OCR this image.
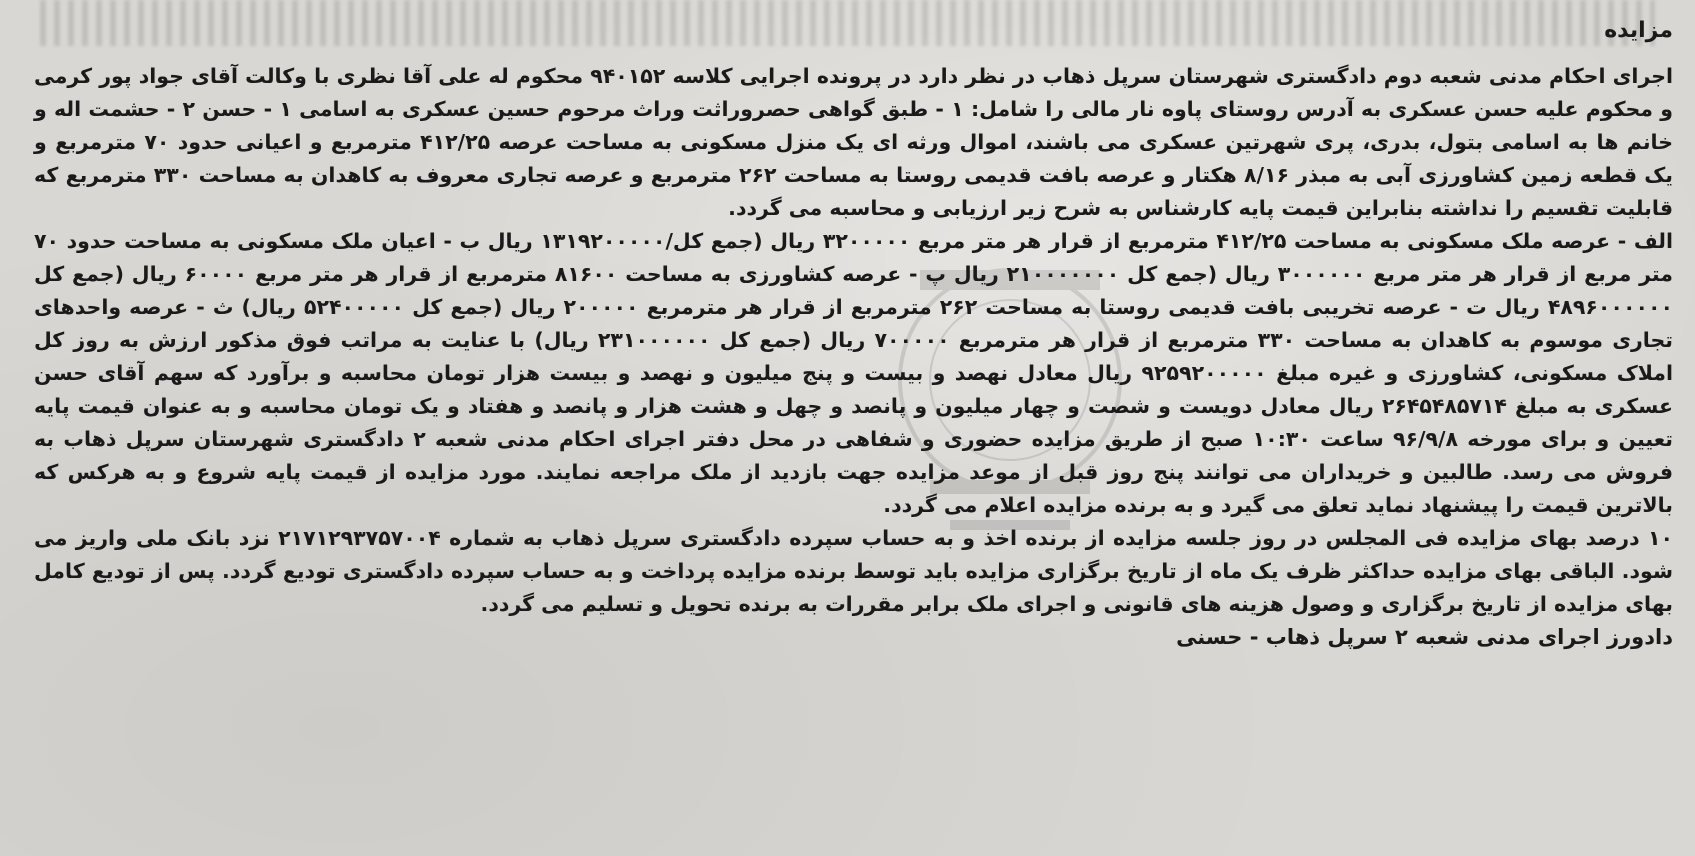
مزایده

اجرای احکام مدنی شعبه دوم دادگستری شهرستان سرپل ذهاب در نظر دارد در پرونده اجرایی کلاسه ۹۴۰۱۵۲ محکوم له علی آقا نظری با وکالت آقای جواد پور کرمی و محکوم علیه حسن عسکری به آدرس روستای پاوه نار مالی را شامل: ۱ - طبق گواهی حصروراثت وراث مرحوم حسین عسکری به اسامی ۱ - حسن ۲ - حشمت اله و خانم ها به اسامی بتول، بدری، پری شهرتین عسکری می باشند، اموال ورثه ای یک منزل مسکونی به مساحت عرصه ۴۱۲/۲۵ مترمربع و اعیانی حدود ۷۰ مترمربع و یک قطعه زمین کشاورزی آبی به مبذر ۸/۱۶ هکتار و عرصه بافت قدیمی روستا به مساحت ۲۶۲ مترمربع و عرصه تجاری معروف به کاهدان به مساحت ۳۳۰ مترمربع که قابلیت تقسیم را نداشته بنابراین قیمت پایه کارشناس به شرح زیر ارزیابی و محاسبه می گردد.

الف - عرصه ملک مسکونی به مساحت ۴۱۲/۲۵ مترمربع از قرار هر متر مربع ۳۲۰۰۰۰۰ ریال (جمع کل/۱۳۱۹۲۰۰۰۰۰ ریال ب - اعیان ملک مسکونی به مساحت حدود ۷۰ متر مربع از قرار هر متر مربع ۳۰۰۰۰۰۰ ریال (جمع کل ۲۱۰۰۰۰۰۰۰ ریال پ - عرصه کشاورزی به مساحت ۸۱۶۰۰ مترمربع از قرار هر متر مربع ۶۰۰۰۰ ریال (جمع کل ۴۸۹۶۰۰۰۰۰۰ ریال ت - عرصه تخریبی بافت قدیمی روستا به مساحت ۲۶۲ مترمربع از قرار هر مترمربع ۲۰۰۰۰۰ ریال (جمع کل ۵۲۴۰۰۰۰۰ ریال) ث - عرصه واحدهای تجاری موسوم به کاهدان به مساحت ۳۳۰ مترمربع از قرار هر مترمربع ۷۰۰۰۰۰ ریال (جمع کل ۲۳۱۰۰۰۰۰۰ ریال) با عنایت به مراتب فوق مذکور ارزش به روز کل املاک مسکونی، کشاورزی و غیره مبلغ ۹۲۵۹۲۰۰۰۰۰ ریال معادل نهصد و بیست و پنج میلیون و نهصد و بیست هزار تومان محاسبه و برآورد که سهم آقای حسن عسکری به مبلغ ۲۶۴۵۴۸۵۷۱۴ ریال معادل دویست و شصت و چهار میلیون و پانصد و چهل و هشت هزار و پانصد و هفتاد و یک تومان محاسبه و به عنوان قیمت پایه تعیین و برای مورخه ۹۶/۹/۸ ساعت ۱۰:۳۰ صبح از طریق مزایده حضوری و شفاهی در محل دفتر اجرای احکام مدنی شعبه ۲ دادگستری شهرستان سرپل ذهاب به فروش می رسد. طالبین و خریداران می توانند پنج روز قبل از موعد مزایده جهت بازدید از ملک مراجعه نمایند. مورد مزایده از قیمت پایه شروع و به هرکس که بالاترین قیمت را پیشنهاد نماید تعلق می گیرد و به برنده مزایده اعلام می گردد.

۱۰ درصد بهای مزایده فی المجلس در روز جلسه مزایده از برنده اخذ و به حساب سپرده دادگستری سرپل ذهاب به شماره ۲۱۷۱۲۹۳۷۵۷۰۰۴ نزد بانک ملی واریز می شود. الباقی بهای مزایده حداکثر ظرف یک ماه از تاریخ برگزاری مزایده باید توسط برنده مزایده پرداخت و به حساب سپرده دادگستری تودیع گردد. پس از تودیع کامل بهای مزایده از تاریخ برگزاری و وصول هزینه های قانونی و اجرای ملک برابر مقررات به برنده تحویل و تسلیم می گردد.

دادورز اجرای مدنی شعبه ۲ سرپل ذهاب - حسنی
